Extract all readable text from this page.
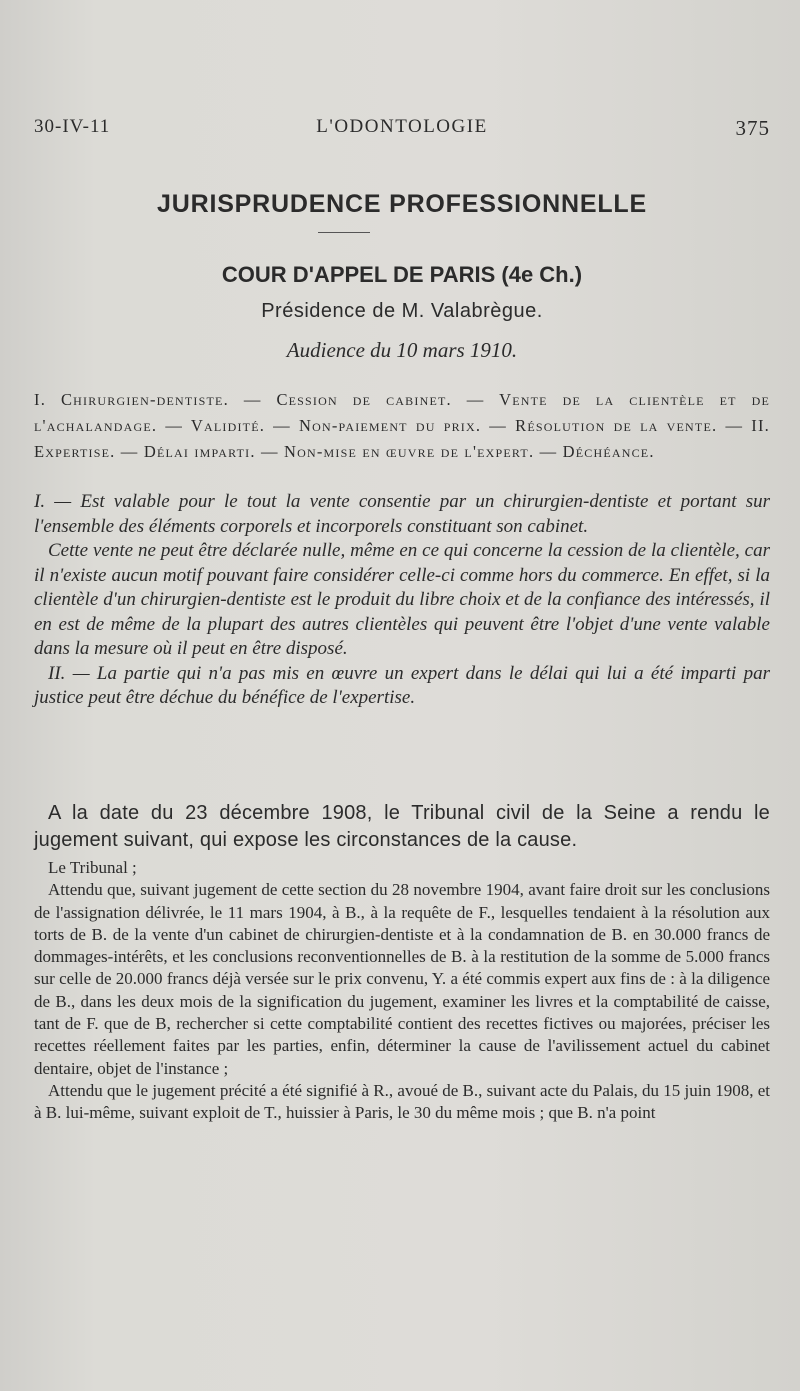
30-IV-11	L'ODONTOLOGIE	375
JURISPRUDENCE PROFESSIONNELLE
COUR D'APPEL DE PARIS (4e Ch.)
Présidence de M. Valabrègue.
Audience du 10 mars 1910.
I. Chirurgien-dentiste. — Cession de cabinet. — Vente de la clientèle et de l'achalandage. — Validité. — Non-paiement du prix. — Résolution de la vente. — II. Expertise. — Délai imparti. — Non-mise en œuvre de l'expert. — Déchéance.

I. — Est valable pour le tout la vente consentie par un chirurgien-dentiste et portant sur l'ensemble des éléments corporels et incorporels constituant son cabinet.

Cette vente ne peut être déclarée nulle, même en ce qui concerne la cession de la clientèle, car il n'existe aucun motif pouvant faire considérer celle-ci comme hors du commerce. En effet, si la clientèle d'un chirurgien-dentiste est le produit du libre choix et de la confiance des intéressés, il en est de même de la plupart des autres clientèles qui peuvent être l'objet d'une vente valable dans la mesure où il peut en être disposé.

II. — La partie qui n'a pas mis en œuvre un expert dans le délai qui lui a été imparti par justice peut être déchue du bénéfice de l'expertise.

A la date du 23 décembre 1908, le Tribunal civil de la Seine a rendu le jugement suivant, qui expose les circonstances de la cause.

Le Tribunal ;

Attendu que, suivant jugement de cette section du 28 novembre 1904, avant faire droit sur les conclusions de l'assignation délivrée, le 11 mars 1904, à B., à la requête de F., lesquelles tendaient à la résolution aux torts de B. de la vente d'un cabinet de chirurgien-dentiste et à la condamnation de B. en 30.000 francs de dommages-intérêts, et les conclusions reconventionnelles de B. à la restitution de la somme de 5.000 francs sur celle de 20.000 francs déjà versée sur le prix convenu, Y. a été commis expert aux fins de : à la diligence de B., dans les deux mois de la signification du jugement, examiner les livres et la comptabilité de caisse, tant de F. que de B, rechercher si cette comptabilité contient des recettes fictives ou majorées, préciser les recettes réellement faites par les parties, enfin, déterminer la cause de l'avilissement actuel du cabinet dentaire, objet de l'instance ;

Attendu que le jugement précité a été signifié à R., avoué de B., suivant acte du Palais, du 15 juin 1908, et à B. lui-même, suivant exploit de T., huissier à Paris, le 30 du même mois ; que B. n'a point
